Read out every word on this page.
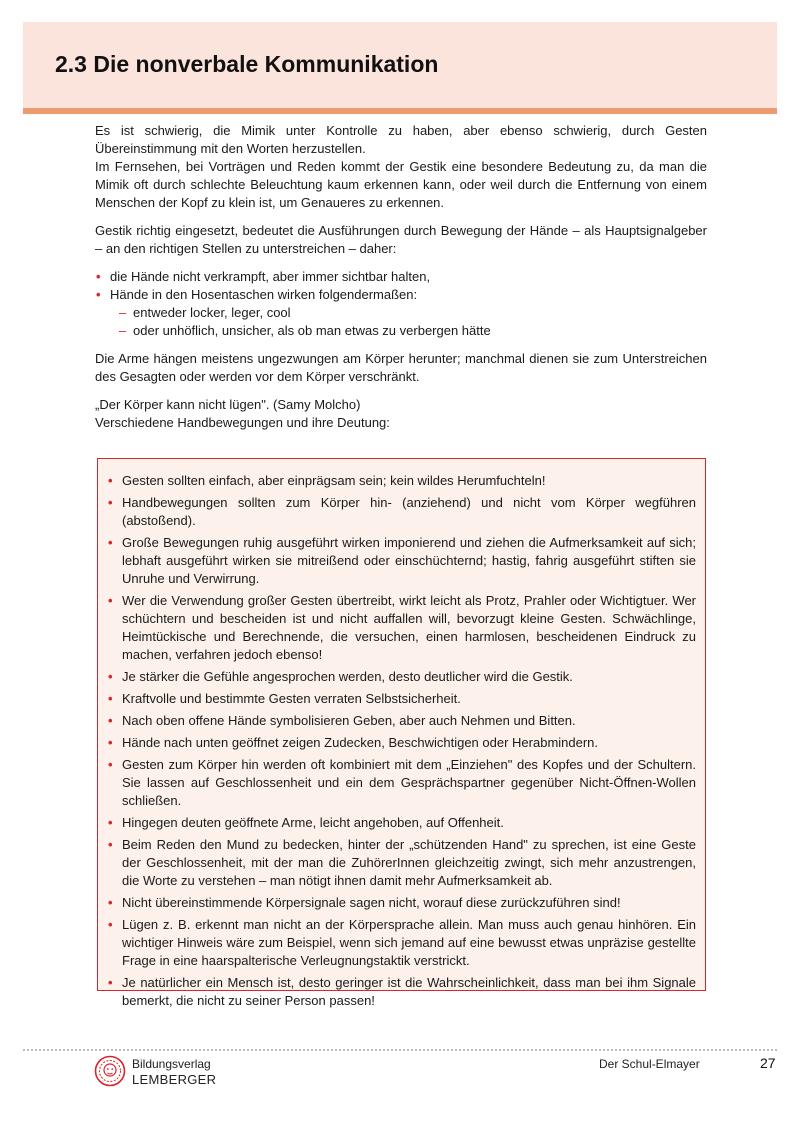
2.3 Die nonverbale Kommunikation

Es ist schwierig, die Mimik unter Kontrolle zu haben, aber ebenso schwierig, durch Gesten Übereinstimmung mit den Worten herzustellen.

Im Fernsehen, bei Vorträgen und Reden kommt der Gestik eine besondere Bedeutung zu, da man die Mimik oft durch schlechte Beleuchtung kaum erkennen kann, oder weil durch die Entfernung von einem Menschen der Kopf zu klein ist, um Genaueres zu erkennen.

Gestik richtig eingesetzt, bedeutet die Ausführungen durch Bewegung der Hände – als Hauptsignalgeber – an den richtigen Stellen zu unterstreichen – daher:

• die Hände nicht verkrampft, aber immer sichtbar halten,
• Hände in den Hosentaschen wirken folgendermaßen:
– entweder locker, leger, cool
– oder unhöflich, unsicher, als ob man etwas zu verbergen hätte

Die Arme hängen meistens ungezwungen am Körper herunter; manchmal dienen sie zum Unterstreichen des Gesagten oder werden vor dem Körper verschränkt.

„Der Körper kann nicht lügen". (Samy Molcho)

Verschiedene Handbewegungen und ihre Deutung:

• Gesten sollten einfach, aber einprägsam sein; kein wildes Herumfuchteln!
• Handbewegungen sollten zum Körper hin- (anziehend) und nicht vom Körper wegführen (abstoßend).
• Große Bewegungen ruhig ausgeführt wirken imponierend und ziehen die Aufmerksamkeit auf sich; lebhaft ausgeführt wirken sie mitreißend oder einschüchternd; hastig, fahrig ausgeführt stiften sie Unruhe und Verwirrung.
• Wer die Verwendung großer Gesten übertreibt, wirkt leicht als Protz, Prahler oder Wichtigtuer. Wer schüchtern und bescheiden ist und nicht auffallen will, bevorzugt kleine Gesten. Schwächlinge, Heimtückische und Berechnende, die versuchen, einen harmlosen, bescheidenen Eindruck zu machen, verfahren jedoch ebenso!
• Je stärker die Gefühle angesprochen werden, desto deutlicher wird die Gestik.
• Kraftvolle und bestimmte Gesten verraten Selbstsicherheit.
• Nach oben offene Hände symbolisieren Geben, aber auch Nehmen und Bitten.
• Hände nach unten geöffnet zeigen Zudecken, Beschwichtigen oder Herabmindern.
• Gesten zum Körper hin werden oft kombiniert mit dem „Einziehen" des Kopfes und der Schultern. Sie lassen auf Geschlossenheit und ein dem Gesprächspartner gegenüber Nicht-Öffnen-Wollen schließen.
• Hingegen deuten geöffnete Arme, leicht angehoben, auf Offenheit.
• Beim Reden den Mund zu bedecken, hinter der „schützenden Hand" zu sprechen, ist eine Geste der Geschlossenheit, mit der man die ZuhörerInnen gleichzeitig zwingt, sich mehr anzustrengen, die Worte zu verstehen – man nötigt ihnen damit mehr Aufmerksamkeit ab.
• Nicht übereinstimmende Körpersignale sagen nicht, worauf diese zurückzuführen sind!
• Lügen z. B. erkennt man nicht an der Körpersprache allein. Man muss auch genau hinhören. Ein wichtiger Hinweis wäre zum Beispiel, wenn sich jemand auf eine bewusst etwas unpräzise gestellte Frage in eine haarspalterische Verleugnungstaktik verstrickt.
• Je natürlicher ein Mensch ist, desto geringer ist die Wahrscheinlichkeit, dass man bei ihm Signale bemerkt, die nicht zu seiner Person passen!
Bildungsverlag
LEMBERGER
Der Schul-Elmayer	27
